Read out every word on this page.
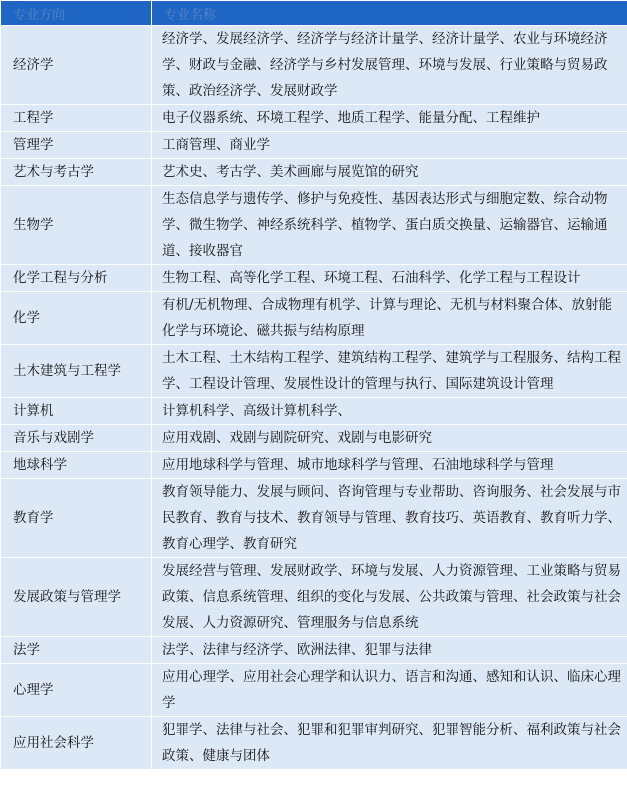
专业方向	专业名称
经济学	经济学、发展经济学、经济学与经济计量学、经济计量学、农业与环境经济学、财政与金融、经济学与乡村发展管理、环境与发展、行业策略与贸易政策、政治经济学、发展财政学
工程学	电子仪器系统、环境工程学、地质工程学、能量分配、工程维护
管理学	工商管理、商业学
艺术与考古学	艺术史、考古学、美术画廊与展览馆的研究
生物学	生态信息学与遗传学、修护与免疫性、基因表达形式与细胞定数、综合动物学、微生物学、神经系统科学、植物学、蛋白质交换量、运输器官、运输通道、接收器官
化学工程与分析	生物工程、高等化学工程、环境工程、石油科学、化学工程与工程设计
化学	有机/无机物理、合成物理有机学、计算与理论、无机与材料聚合体、放射能化学与环境论、磁共振与结构原理
土木建筑与工程学	土木工程、土木结构工程学、建筑结构工程学、建筑学与工程服务、结构工程学、工程设计管理、发展性设计的管理与执行、国际建筑设计管理
计算机	计算机科学、高级计算机科学、
音乐与戏剧学	应用戏剧、戏剧与剧院研究、戏剧与电影研究
地球科学	应用地球科学与管理、城市地球科学与管理、石油地球科学与管理
教育学	教育领导能力、发展与顾问、咨询管理与专业帮助、咨询服务、社会发展与市民教育、教育与技术、教育领导与管理、教育技巧、英语教育、教育听力学、教育心理学、教育研究
发展政策与管理学	发展经营与管理、发展财政学、环境与发展、人力资源管理、工业策略与贸易政策、信息系统管理、组织的变化与发展、公共政策与管理、社会政策与社会发展、人力资源研究、管理服务与信息系统
法学	法学、法律与经济学、欧洲法律、犯罪与法律
心理学	应用心理学、应用社会心理学和认识力、语言和沟通、感知和认识、临床心理学
应用社会科学	犯罪学、法律与社会、犯罪和犯罪审判研究、犯罪智能分析、福利政策与社会政策、健康与团体
